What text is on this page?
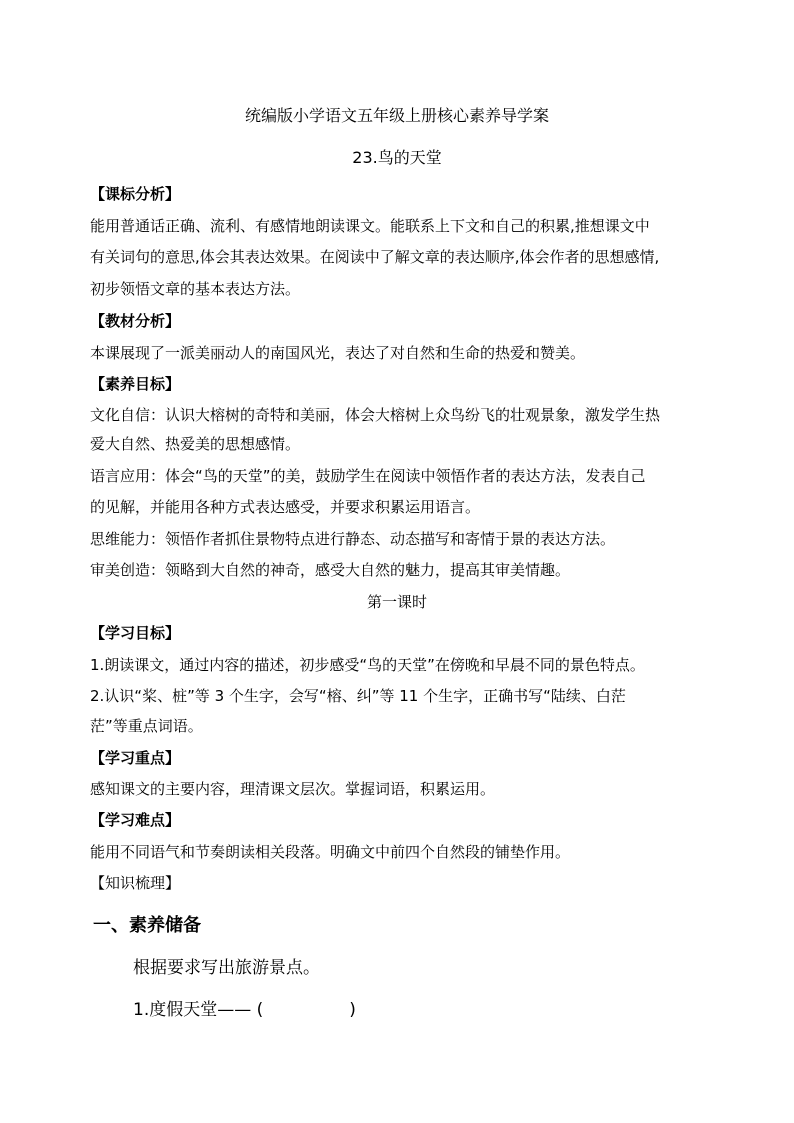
统编版小学语文五年级上册核心素养导学案
23.鸟的天堂
【课标分析】
能用普通话正确、流利、有感情地朗读课文。能联系上下文和自己的积累,推想课文中
有关词句的意思,体会其表达效果。在阅读中了解文章的表达顺序,体会作者的思想感情,
初步领悟文章的基本表达方法。
【教材分析】
本课展现了一派美丽动人的南国风光，表达了对自然和生命的热爱和赞美。
【素养目标】
文化自信：认识大榕树的奇特和美丽，体会大榕树上众鸟纷飞的壮观景象，激发学生热
爱大自然、热爱美的思想感情。
语言应用：体会“鸟的天堂”的美，鼓励学生在阅读中领悟作者的表达方法，发表自己
的见解，并能用各种方式表达感受，并要求积累运用语言。
思维能力：领悟作者抓住景物特点进行静态、动态描写和寄情于景的表达方法。
审美创造：领略到大自然的神奇，感受大自然的魅力，提高其审美情趣。
第一课时
【学习目标】
1.朗读课文，通过内容的描述，初步感受“鸟的天堂”在傍晚和早晨不同的景色特点。
2.认识“桨、桩”等 3 个生字，会写“榕、纠”等 11 个生字，正确书写“陆续、白茫
茫”等重点词语。
【学习重点】
感知课文的主要内容，理清课文层次。掌握词语，积累运用。
【学习难点】
能用不同语气和节奏朗读相关段落。明确文中前四个自然段的铺垫作用。
【知识梳理】
一、素养储备
根据要求写出旅游景点。
1.度假天堂—— (	)
